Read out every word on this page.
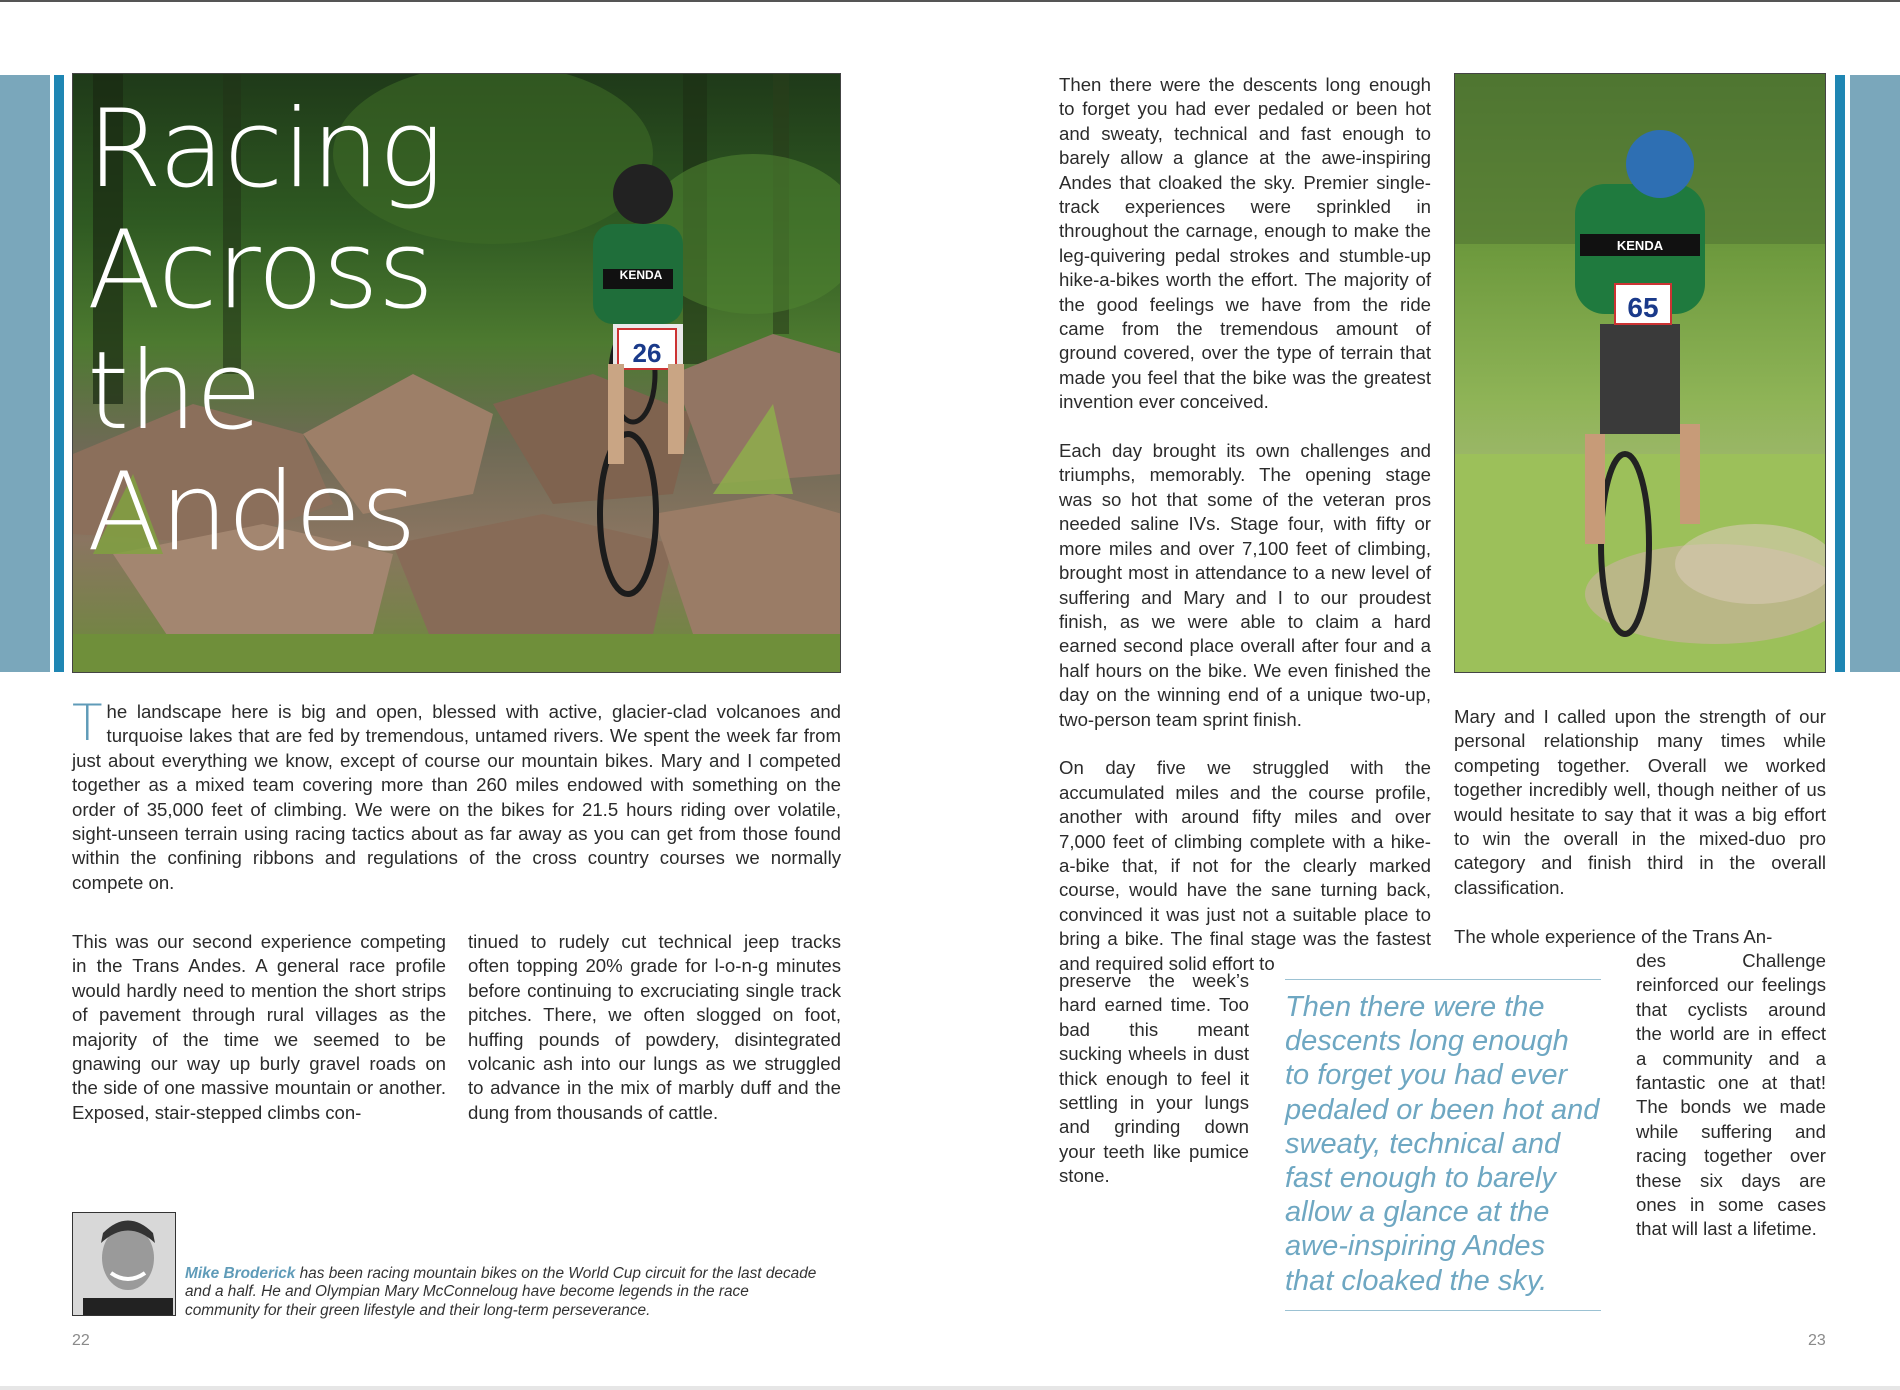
26
KENDA
Racing
Across
the
Andes

The landscape here is big and open, blessed with active, glacier-clad volcanoes and turquoise lakes that are fed by tremendous, untamed rivers. We spent the week far from just about everything we know, except of course our mountain bikes. Mary and I competed together as a mixed team covering more than 260 miles endowed with something on the order of 35,000 feet of climbing. We were on the bikes for 21.5 hours riding over volatile, sight-unseen terrain using racing tactics about as far away as you can get from those found within the confining ribbons and regulations of the cross country courses we normally compete on.

This was our second experience competing in the Trans Andes. A general race profile would hardly need to mention the short strips of pavement through rural villages as the majority of the time we seemed to be gnawing our way up burly gravel roads on the side of one massive mountain or another. Exposed, stair-stepped climbs con-

tinued to rudely cut technical jeep tracks often topping 20% grade for l-o-n-g minutes before continuing to excruciating single track pitches. There, we often slogged on foot, huffing pounds of powdery, disintegrated volcanic ash into our lungs as we struggled to advance in the mix of marbly duff and the dung from thousands of cattle.

Mike Broderick has been racing mountain bikes on the World Cup circuit for the last decade and a half. He and Olympian Mary McConneloug have become legends in the race community for their green lifestyle and their long-term perseverance.

22

Then there were the descents long enough to forget you had ever pedaled or been hot and sweaty, technical and fast enough to barely allow a glance at the awe-inspiring Andes that cloaked the sky. Premier single-track experiences were sprinkled in throughout the carnage, enough to make the leg-quivering pedal strokes and stumble-up hike-a-bikes worth the effort. The majority of the good feelings we have from the ride came from the tremendous amount of ground covered, over the type of terrain that made you feel that the bike was the greatest invention ever conceived.

Each day brought its own challenges and triumphs, memorably. The opening stage was so hot that some of the veteran pros needed saline IVs. Stage four, with fifty or more miles and over 7,100 feet of climbing, brought most in attendance to a new level of suffering and Mary and I to our proudest finish, as we were able to claim a hard earned second place overall after four and a half hours on the bike. We even finished the day on the winning end of a unique two-up, two-person team sprint finish.

On day five we struggled with the accumulated miles and the course profile, another with around fifty miles and over 7,000 feet of climbing complete with a hike-a-bike that, if not for the clearly marked course, would have the sane turning back, convinced it was just not a suitable place to bring a bike. The final stage was the fastest and required solid effort to

preserve the week’s hard earned time. Too bad this meant sucking wheels in dust thick enough to feel it settling in your lungs and grinding down your teeth like pumice stone.

65
KENDA

Mary and I called upon the strength of our personal relationship many times while competing together. Overall we worked together incredibly well, though neither of us would hesitate to say that it was a big effort to win the overall in the mixed-duo pro category and finish third in the overall classification.

The whole experience of the Trans An-

des Challenge reinforced our feelings that cyclists around the world are in effect a community and a fantastic one at that! The bonds we made while suffering and racing together over these six days are ones in some cases that will last a lifetime.

Then there were the descents long enough to forget you had ever pedaled or been hot and sweaty, technical and fast enough to barely allow a glance at the awe-inspiring Andes that cloaked the sky.

23
